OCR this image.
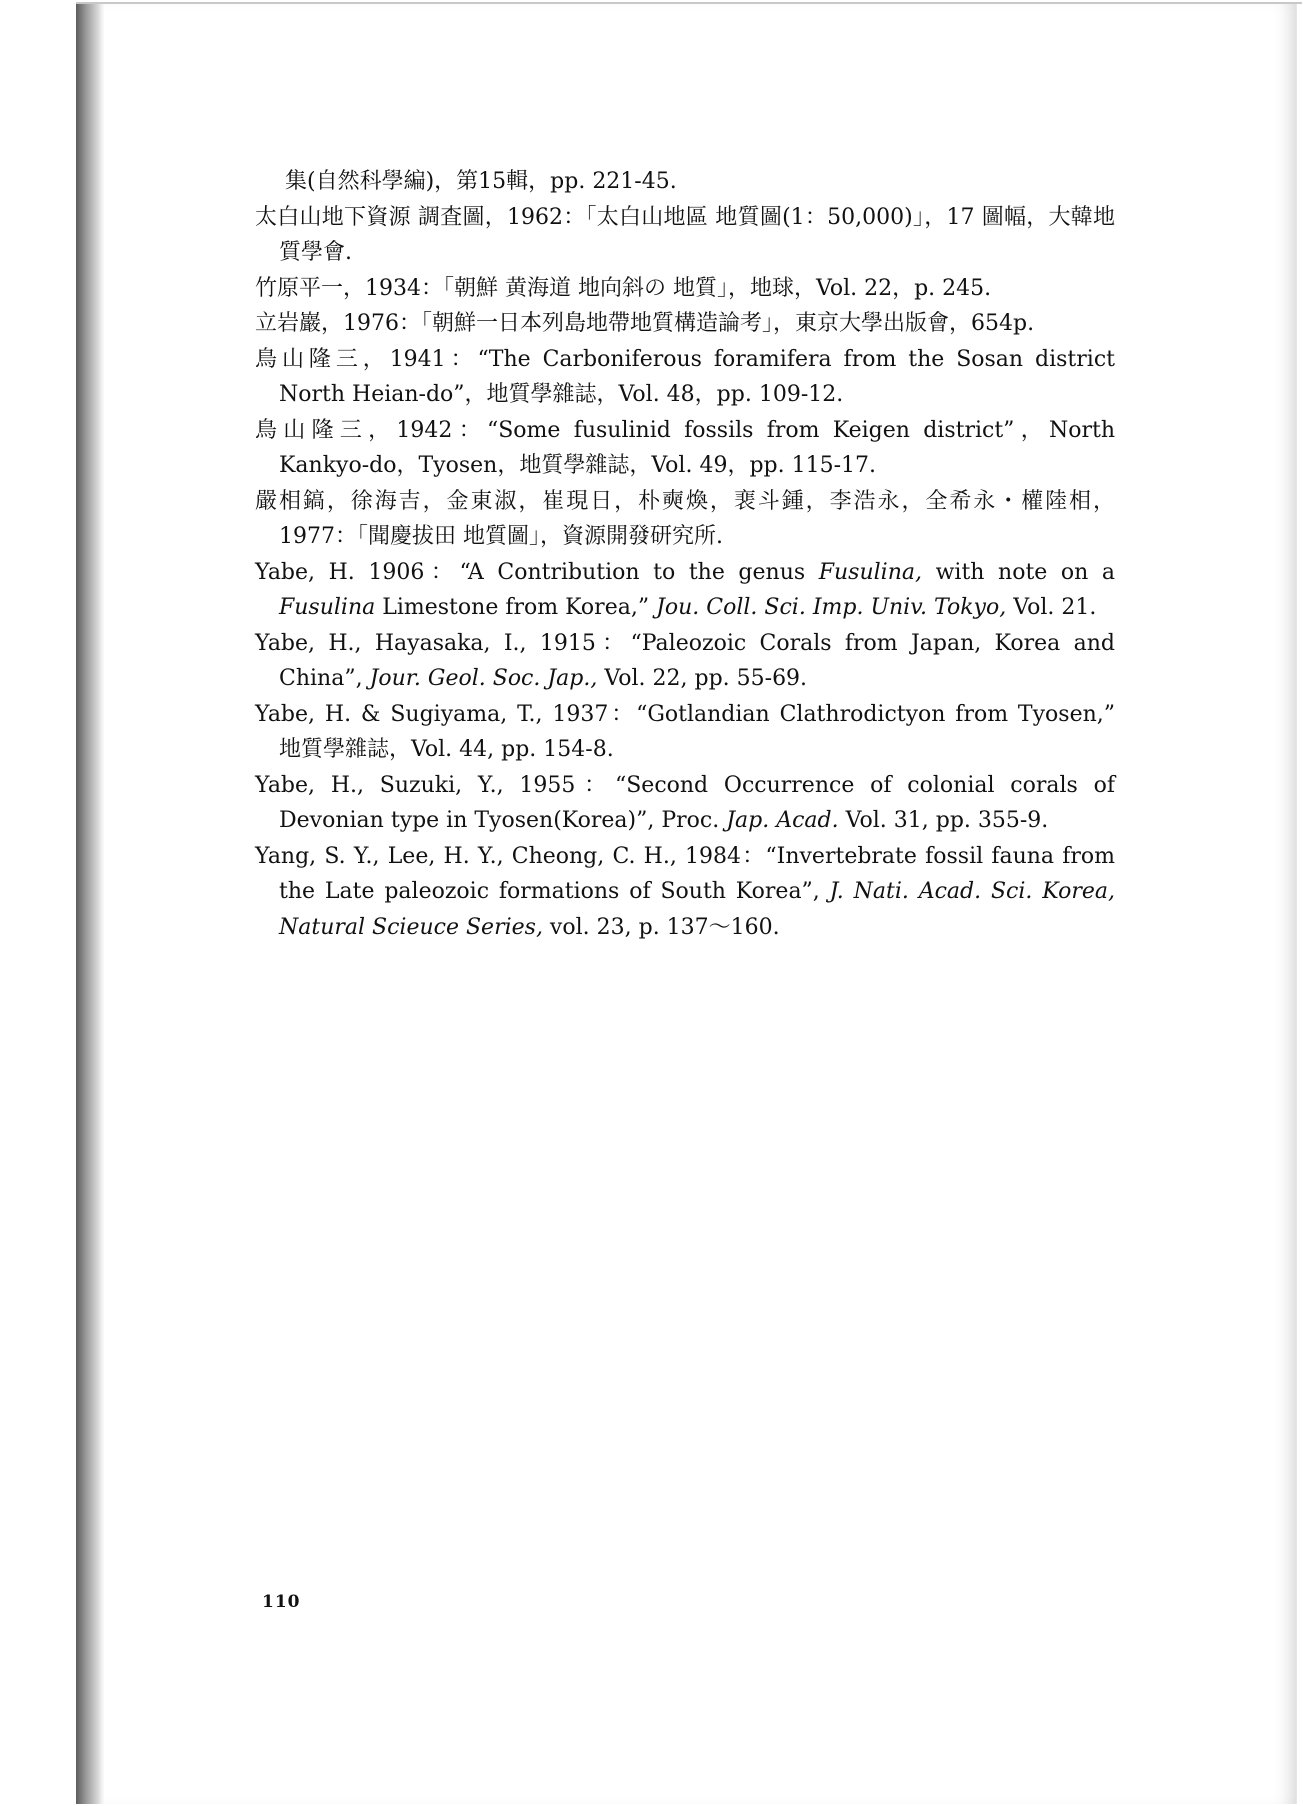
集(自然科學編)，第15輯，pp. 221-45.

太白山地下資源 調査圖，1962：「太白山地區 地質圖(1：50,000)」，17 圖幅，大韓地質學會.

竹原平一，1934：「朝鮮 黄海道 地向斜の 地質」，地球，Vol. 22，p. 245.

立岩巖，1976：「朝鮮一日本列島地帶地質構造論考」，東京大學出版會，654p.

鳥山隆三，1941：“The Carboniferous foramifera from the Sosan district North Heian-do”，地質學雜誌，Vol. 48，pp. 109-12.

鳥山隆三，1942：“Some fusulinid fossils from Keigen district”，North Kankyo-do，Tyosen，地質學雜誌，Vol. 49，pp. 115-17.

嚴相鎬，徐海吉，金東淑，崔現日，朴奭煥，裵斗鍾，李浩永，全希永・權陸相，1977：「聞慶拔田 地質圖」，資源開發研究所.

Yabe, H. 1906：“A Contribution to the genus Fusulina, with note on a Fusulina Limestone from Korea,” Jou. Coll. Sci. Imp. Univ. Tokyo, Vol. 21.

Yabe, H., Hayasaka, I., 1915：“Paleozoic Corals from Japan, Korea and China”, Jour. Geol. Soc. Jap., Vol. 22, pp. 55-69.

Yabe, H. & Sugiyama, T., 1937：“Gotlandian Clathrodictyon from Tyosen,” 地質學雜誌，Vol. 44, pp. 154-8.

Yabe, H., Suzuki, Y., 1955：“Second Occurrence of colonial corals of Devonian type in Tyosen(Korea)”, Proc. Jap. Acad. Vol. 31, pp. 355-9.

Yang, S. Y., Lee, H. Y., Cheong, C. H., 1984：“Invertebrate fossil fauna from the Late paleozoic formations of South Korea”, J. Nati. Acad. Sci. Korea, Natural Scieuce Series, vol. 23, p. 137～160.

110
